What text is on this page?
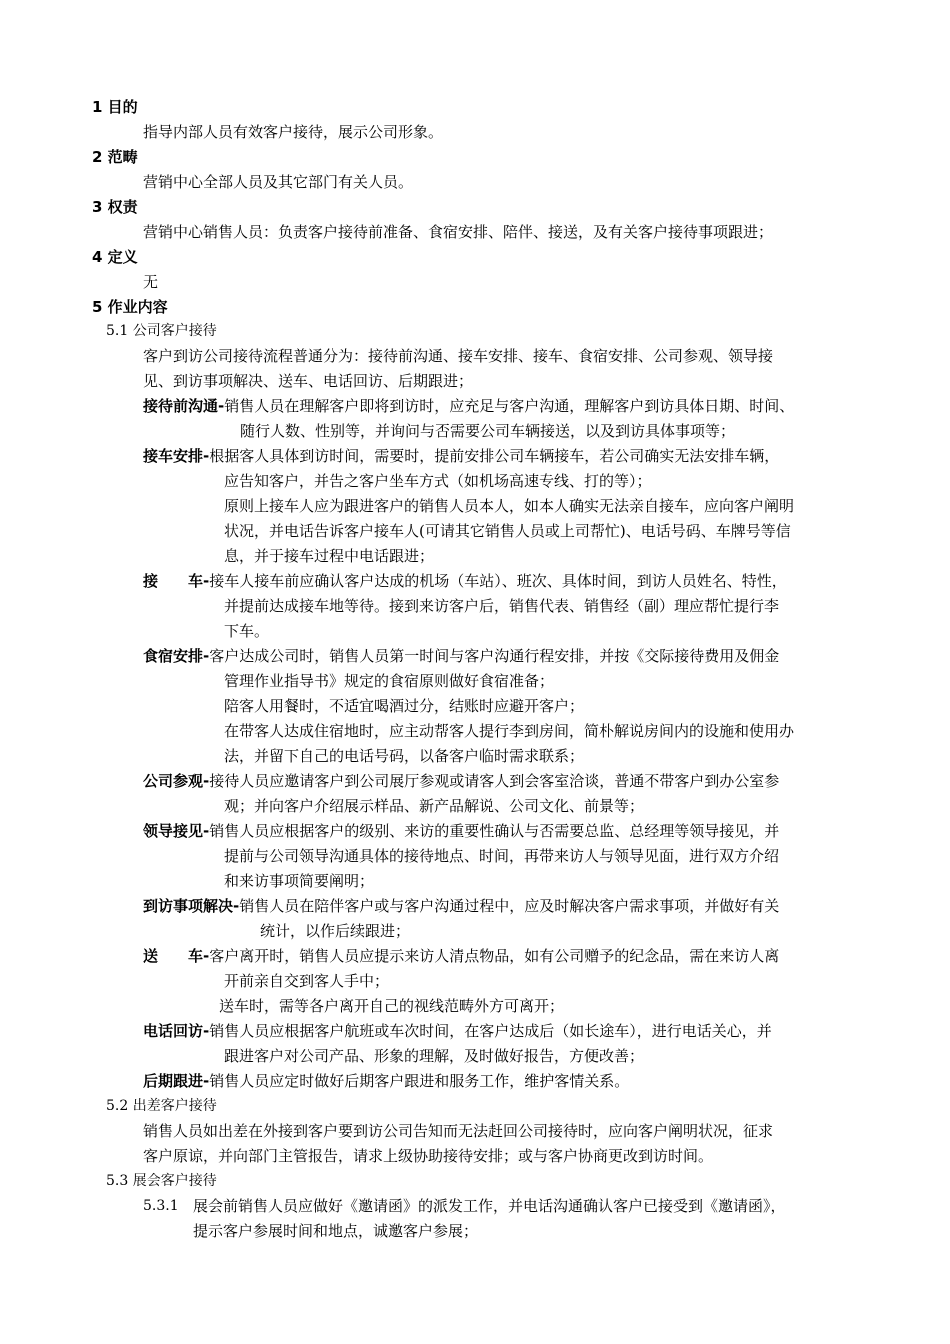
1 目的
指导内部人员有效客户接待，展示公司形象。
2 范畴
营销中心全部人员及其它部门有关人员。
3 权责
营销中心销售人员：负责客户接待前准备、食宿安排、陪伴、接送，及有关客户接待事项跟进；
4 定义
无
5 作业内容
5.1 公司客户接待
客户到访公司接待流程普通分为：接待前沟通、接车安排、接车、食宿安排、公司参观、领导接
见、到访事项解决、送车、电话回访、后期跟进；
接待前沟通-销售人员在理解客户即将到访时，应充足与客户沟通，理解客户到访具体日期、时间、
随行人数、性别等，并询问与否需要公司车辆接送，以及到访具体事项等；
接车安排-根据客人具体到访时间，需要时，提前安排公司车辆接车，若公司确实无法安排车辆，
应告知客户，并告之客户坐车方式（如机场高速专线、打的等）；
原则上接车人应为跟进客户的销售人员本人，如本人确实无法亲自接车，应向客户阐明
状况，并电话告诉客户接车人(可请其它销售人员或上司帮忙)、电话号码、车牌号等信
息，并于接车过程中电话跟进；
接　　车-接车人接车前应确认客户达成的机场（车站）、班次、具体时间，到访人员姓名、特性，
并提前达成接车地等待。接到来访客户后，销售代表、销售经（副）理应帮忙提行李
下车。
食宿安排-客户达成公司时，销售人员第一时间与客户沟通行程安排，并按《交际接待费用及佣金
管理作业指导书》规定的食宿原则做好食宿准备；
陪客人用餐时，不适宜喝酒过分，结账时应避开客户；
在带客人达成住宿地时，应主动帮客人提行李到房间，简朴解说房间内的设施和使用办
法，并留下自己的电话号码，以备客户临时需求联系；
公司参观-接待人员应邀请客户到公司展厅参观或请客人到会客室洽谈，普通不带客户到办公室参
观；并向客户介绍展示样品、新产品解说、公司文化、前景等；
领导接见-销售人员应根据客户的级别、来访的重要性确认与否需要总监、总经理等领导接见，并
提前与公司领导沟通具体的接待地点、时间，再带来访人与领导见面，进行双方介绍
和来访事项简要阐明；
到访事项解决-销售人员在陪伴客户或与客户沟通过程中，应及时解决客户需求事项，并做好有关
统计，以作后续跟进；
送　　车-客户离开时，销售人员应提示来访人清点物品，如有公司赠予的纪念品，需在来访人离
开前亲自交到客人手中；
送车时，需等各户离开自己的视线范畴外方可离开；
电话回访-销售人员应根据客户航班或车次时间，在客户达成后（如长途车），进行电话关心，并
跟进客户对公司产品、形象的理解，及时做好报告，方便改善；
后期跟进-销售人员应定时做好后期客户跟进和服务工作，维护客情关系。
5.2 出差客户接待
销售人员如出差在外接到客户要到访公司告知而无法赶回公司接待时，应向客户阐明状况，征求
客户原谅，并向部门主管报告，请求上级协助接待安排；或与客户协商更改到访时间。
5.3 展会客户接待
5.3.1 展会前销售人员应做好《邀请函》的派发工作，并电话沟通确认客户已接受到《邀请函》，
提示客户参展时间和地点，诚邀客户参展；
